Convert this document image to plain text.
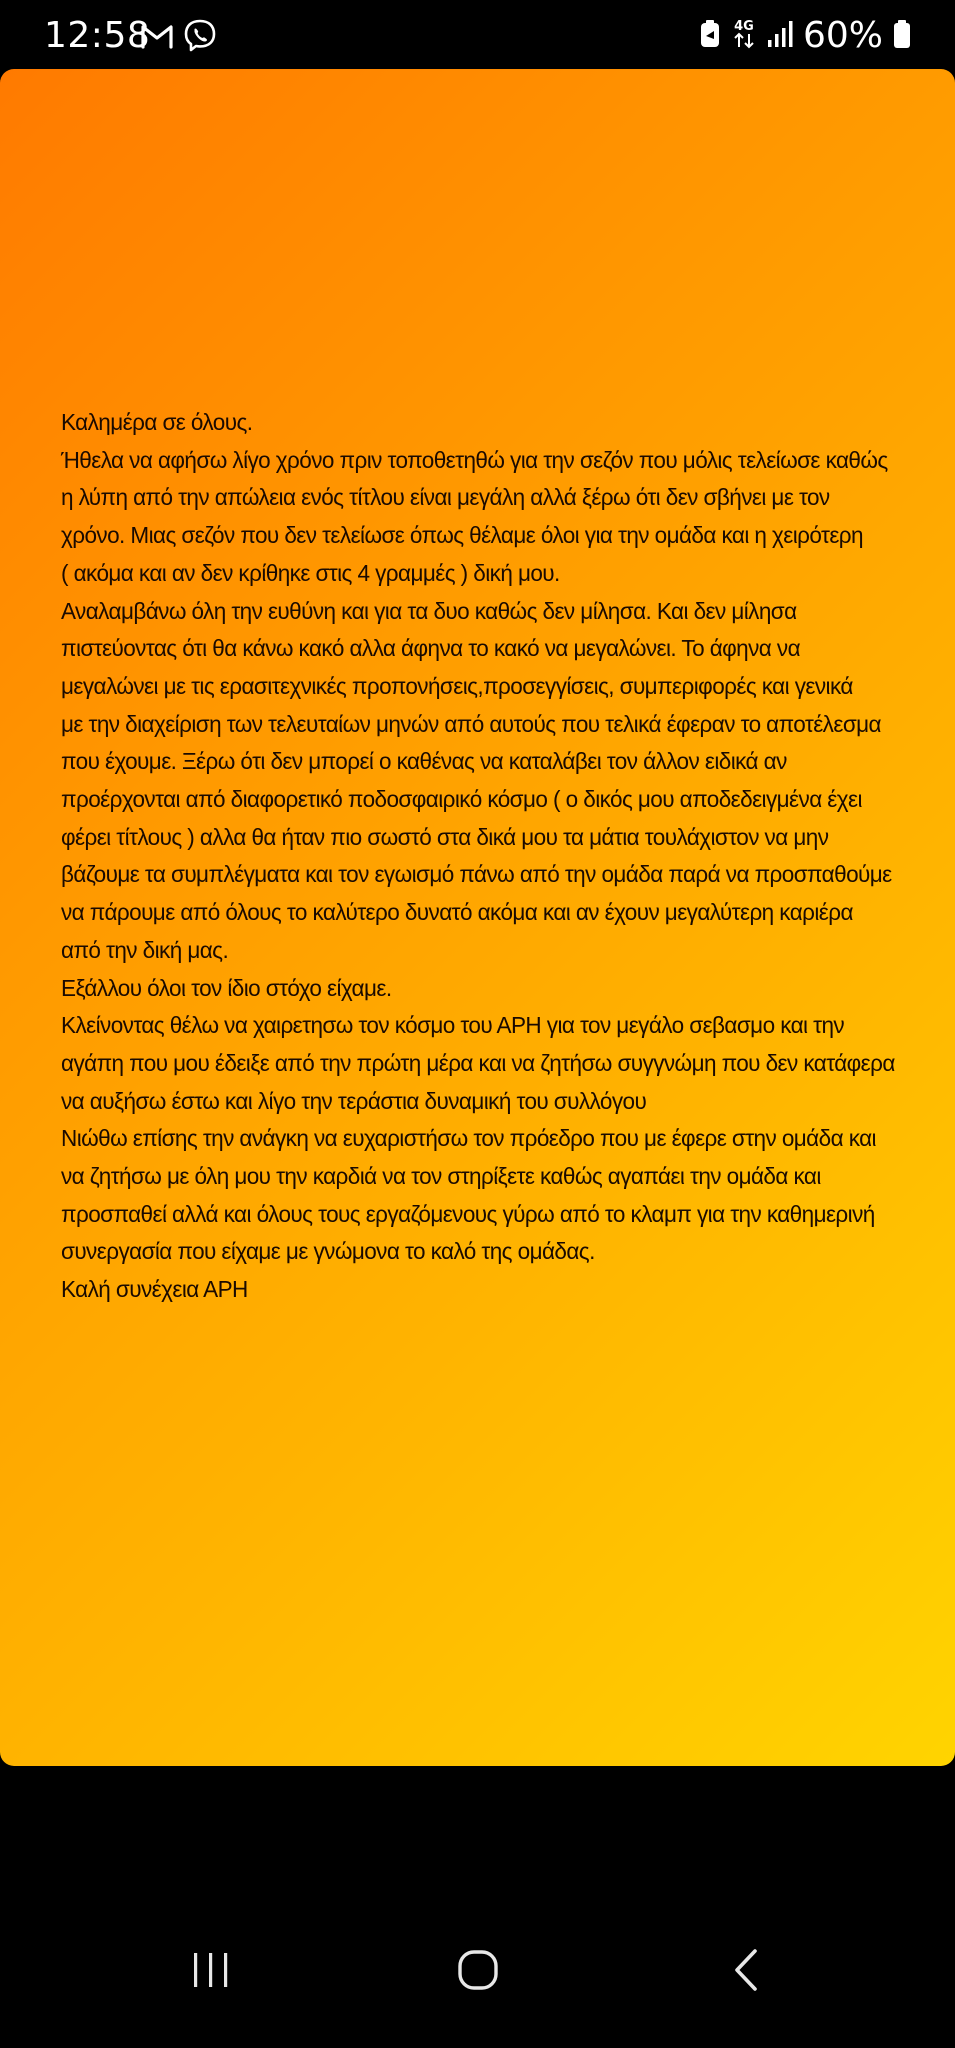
12:58	4G 60%
Καλημέρα σε όλους.
Ήθελα να αφήσω λίγο χρόνο πριν τοποθετηθώ για την σεζόν που μόλις τελείωσε καθώς
η λύπη από την απώλεια ενός τίτλου είναι μεγάλη αλλά ξέρω ότι δεν σβήνει με τον
χρόνο. Μιας σεζόν που δεν τελείωσε όπως θέλαμε όλοι για την ομάδα και η χειρότερη
( ακόμα και αν δεν κρίθηκε στις 4 γραμμές ) δική μου.
Αναλαμβάνω όλη την ευθύνη και για τα δυο καθώς δεν μίλησα. Και δεν μίλησα
πιστεύοντας ότι θα κάνω κακό αλλα άφηνα το κακό να μεγαλώνει. Το άφηνα να
μεγαλώνει με τις ερασιτεχνικές προπονήσεις,προσεγγίσεις, συμπεριφορές και γενικά
με την διαχείριση των τελευταίων μηνών από αυτούς που τελικά έφεραν το αποτέλεσμα
που έχουμε. Ξέρω ότι δεν μπορεί ο καθένας να καταλάβει τον άλλον ειδικά αν
προέρχονται από διαφορετικό ποδοσφαιρικό κόσμο ( ο δικός μου αποδεδειγμένα έχει
φέρει τίτλους ) αλλα θα ήταν πιο σωστό στα δικά μου τα μάτια τουλάχιστον να μην
βάζουμε τα συμπλέγματα και τον εγωισμό πάνω από την ομάδα παρά να προσπαθούμε
να πάρουμε από όλους το καλύτερο δυνατό ακόμα και αν έχουν μεγαλύτερη καριέρα
από την δική μας.
Εξάλλου όλοι τον ίδιο στόχο είχαμε.
Κλείνοντας θέλω να χαιρετησω τον κόσμο του ΑΡΗ για τον μεγάλο σεβασμο και την
αγάπη που μου έδειξε από την πρώτη μέρα και να ζητήσω συγγνώμη που δεν κατάφερα
να αυξήσω έστω και λίγο την τεράστια δυναμική του συλλόγου
Νιώθω επίσης την ανάγκη να ευχαριστήσω τον πρόεδρο που με έφερε στην ομάδα και
να ζητήσω με όλη μου την καρδιά να τον στηρίξετε καθώς αγαπάει την ομάδα και
προσπαθεί αλλά και όλους τους εργαζόμενους γύρω από το κλαμπ για την καθημερινή
συνεργασία που είχαμε με γνώμονα το καλό της ομάδας.
Καλή συνέχεια ΑΡΗ
